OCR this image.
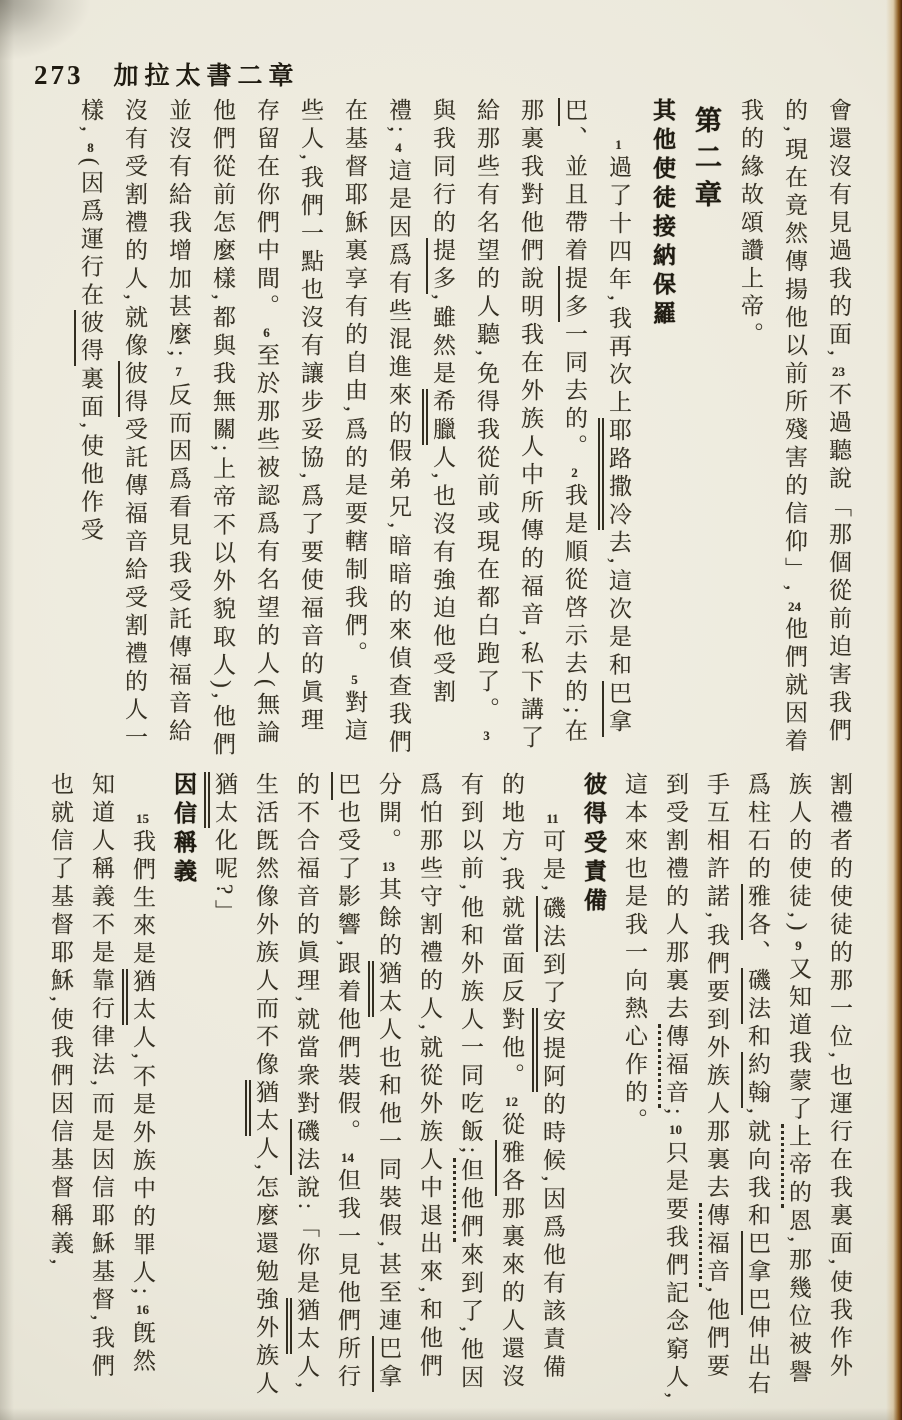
273 加拉太書二章
會還沒有見過我的面,23不過聽說「那個從前迫害我們的,現在竟然傳揚他以前所殘害的信仰」,24他們就因着我的緣故頌讚上帝。
第二章
其他使徒接納保羅
1過了十四年,我再次上耶路撒冷去,這次是和巴拿巴、並且帶着提多一同去的。2我是順從啓示去的;在那裏我對他們說明我在外族人中所傳的福音,私下講了給那些有名望的人聽,免得我從前或現在都白跑了。3與我同行的提多,雖然是希臘人,也沒有強迫他受割禮;4這是因爲有些混進來的假弟兄,暗暗的來偵查我們在基督耶穌裏享有的自由,爲的是要轄制我們。5對這些人,我們一點也沒有讓步妥協,爲了要使福音的眞理存留在你們中間。6至於那些被認爲有名望的人(無論他們從前怎麼樣,都與我無關;上帝不以外貌取人),他們並沒有給我增加甚麼;7反而因爲看見我受託傳福音給沒有受割禮的人,就像彼得受託傳福音給受割禮的人一樣,8(因爲運行在彼得裏面,使他作受
割禮者的使徒的那一位,也運行在我裏面,使我作外族人的使徒,)9又知道我蒙了上帝的恩,那幾位被譽爲柱石的雅各、磯法和約翰,就向我和巴拿巴伸出右手互相許諾,我們要到外族人那裏去傳福音,他們要到受割禮的人那裏去傳福音;10只是要我們記念窮人,這本來也是我一向熱心作的。
彼得受責備
11可是,磯法到了安提阿的時候,因爲他有該責備的地方,我就當面反對他。12從雅各那裏來的人還沒有到以前,他和外族人一同吃飯;但他們來到了,他因爲怕那些守割禮的人,就從外族人中退出來,和他們分開。13其餘的猶太人也和他一同裝假,甚至連巴拿巴也受了影響,跟着他們裝假。14但我一見他們所行的不合福音的眞理,就當衆對磯法說:「你是猶太人,生活旣然像外族人而不像猶太人,怎麼還勉強外族人猶太化呢?」
因信稱義
15我們生來是猶太人,不是外族中的罪人;16旣然知道人稱義不是靠行律法,而是因信耶穌基督,我們也就信了基督耶穌,使我們因信基督稱義,
